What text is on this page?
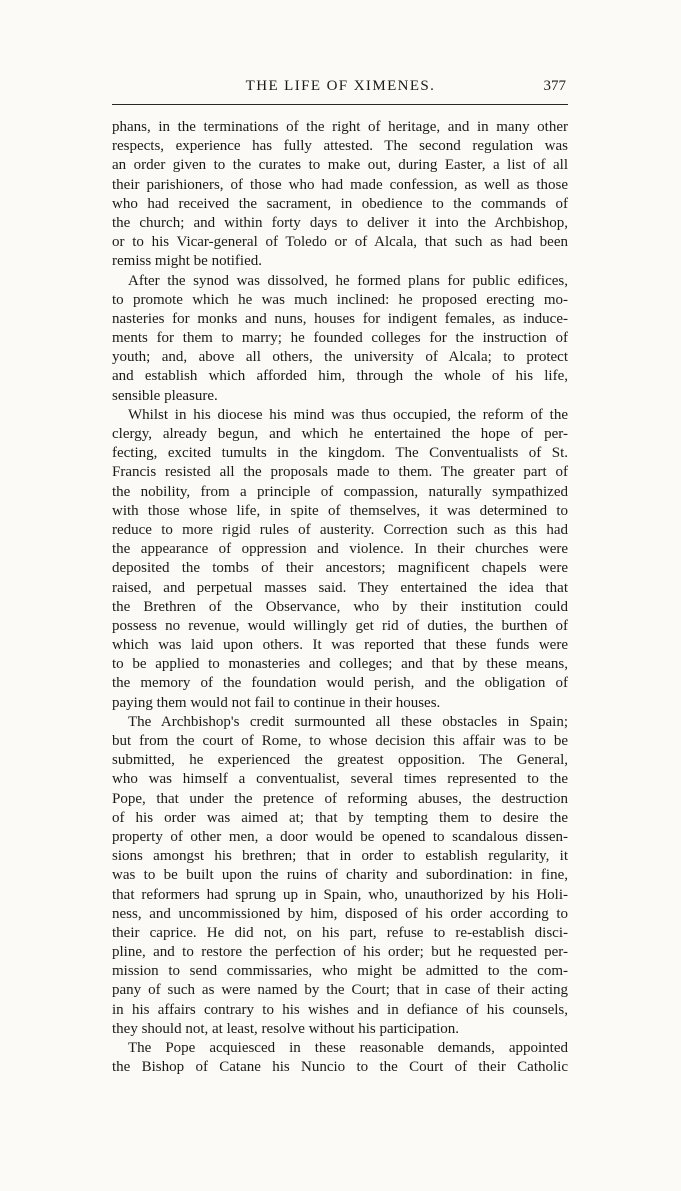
THE LIFE OF XIMENES.	377
phans, in the terminations of the right of heritage, and in many other
respects, experience has fully attested. The second regulation was
an order given to the curates to make out, during Easter, a list of all
their parishioners, of those who had made confession, as well as those
who had received the sacrament, in obedience to the commands of
the church; and within forty days to deliver it into the Archbishop,
or to his Vicar-general of Toledo or of Alcala, that such as had been
remiss might be notified.
After the synod was dissolved, he formed plans for public edifices,
to promote which he was much inclined: he proposed erecting mo-
nasteries for monks and nuns, houses for indigent females, as induce-
ments for them to marry; he founded colleges for the instruction of
youth; and, above all others, the university of Alcala; to protect
and establish which afforded him, through the whole of his life,
sensible pleasure.
Whilst in his diocese his mind was thus occupied, the reform of the
clergy, already begun, and which he entertained the hope of per-
fecting, excited tumults in the kingdom. The Conventualists of St.
Francis resisted all the proposals made to them. The greater part of
the nobility, from a principle of compassion, naturally sympathized
with those whose life, in spite of themselves, it was determined to
reduce to more rigid rules of austerity. Correction such as this had
the appearance of oppression and violence. In their churches were
deposited the tombs of their ancestors; magnificent chapels were
raised, and perpetual masses said. They entertained the idea that
the Brethren of the Observance, who by their institution could
possess no revenue, would willingly get rid of duties, the burthen of
which was laid upon others. It was reported that these funds were
to be applied to monasteries and colleges; and that by these means,
the memory of the foundation would perish, and the obligation of
paying them would not fail to continue in their houses.
The Archbishop's credit surmounted all these obstacles in Spain;
but from the court of Rome, to whose decision this affair was to be
submitted, he experienced the greatest opposition. The General,
who was himself a conventualist, several times represented to the
Pope, that under the pretence of reforming abuses, the destruction
of his order was aimed at; that by tempting them to desire the
property of other men, a door would be opened to scandalous dissen-
sions amongst his brethren; that in order to establish regularity, it
was to be built upon the ruins of charity and subordination: in fine,
that reformers had sprung up in Spain, who, unauthorized by his Holi-
ness, and uncommissioned by him, disposed of his order according to
their caprice. He did not, on his part, refuse to re-establish disci-
pline, and to restore the perfection of his order; but he requested per-
mission to send commissaries, who might be admitted to the com-
pany of such as were named by the Court; that in case of their acting
in his affairs contrary to his wishes and in defiance of his counsels,
they should not, at least, resolve without his participation.
The Pope acquiesced in these reasonable demands, appointed
the Bishop of Catane his Nuncio to the Court of their Catholic
